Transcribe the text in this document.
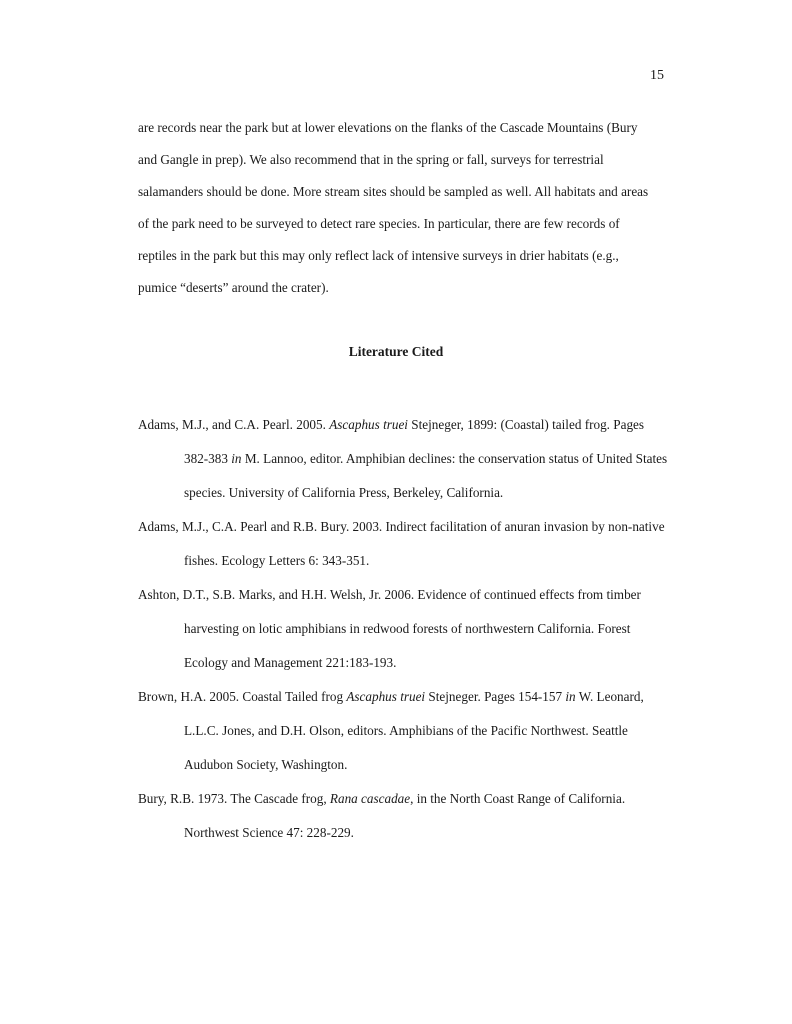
15

are records near the park but at lower elevations on the flanks of the Cascade Mountains (Bury and Gangle in prep). We also recommend that in the spring or fall, surveys for terrestrial salamanders should be done. More stream sites should be sampled as well. All habitats and areas of the park need to be surveyed to detect rare species. In particular, there are few records of reptiles in the park but this may only reflect lack of intensive surveys in drier habitats (e.g., pumice “deserts” around the crater).

Literature Cited
Adams, M.J., and C.A. Pearl. 2005. Ascaphus truei Stejneger, 1899: (Coastal) tailed frog. Pages 382-383 in M. Lannoo, editor. Amphibian declines: the conservation status of United States species. University of California Press, Berkeley, California.
Adams, M.J., C.A. Pearl and R.B. Bury. 2003. Indirect facilitation of anuran invasion by non-native fishes. Ecology Letters 6: 343-351.
Ashton, D.T., S.B. Marks, and H.H. Welsh, Jr. 2006. Evidence of continued effects from timber harvesting on lotic amphibians in redwood forests of northwestern California. Forest Ecology and Management 221:183-193.
Brown, H.A. 2005. Coastal Tailed frog Ascaphus truei Stejneger. Pages 154-157 in W. Leonard, L.L.C. Jones, and D.H. Olson, editors. Amphibians of the Pacific Northwest. Seattle Audubon Society, Washington.
Bury, R.B. 1973. The Cascade frog, Rana cascadae, in the North Coast Range of California. Northwest Science 47: 228-229.
